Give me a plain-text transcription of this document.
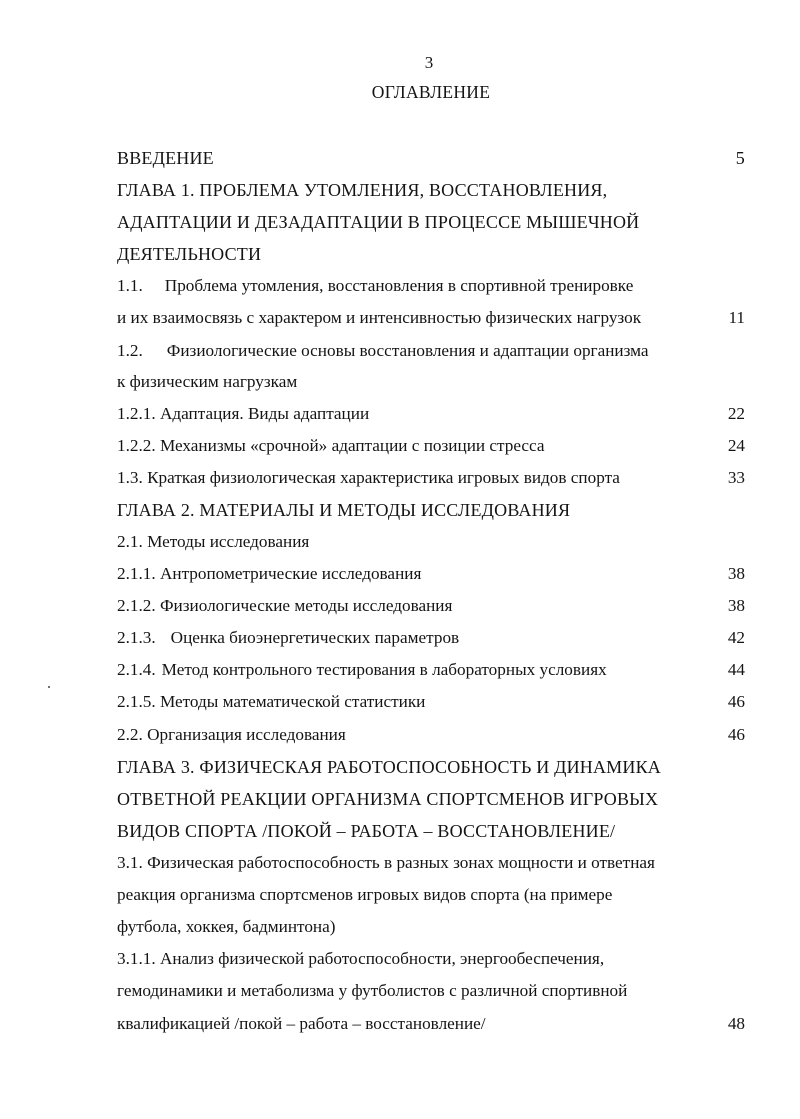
3
ОГЛАВЛЕНИЕ
ВВЕДЕНИЕ	5
ГЛАВА 1. ПРОБЛЕМА УТОМЛЕНИЯ, ВОССТАНОВЛЕНИЯ,
АДАПТАЦИИ И ДЕЗАДАПТАЦИИ В ПРОЦЕССЕ МЫШЕЧНОЙ
ДЕЯТЕЛЬНОСТИ
1.1. Проблема утомления, восстановления в спортивной тренировке
и их взаимосвязь с характером и интенсивностью физических нагрузок	11
1.2. Физиологические основы восстановления и адаптации организма
к физическим нагрузкам
1.2.1. Адаптация. Виды адаптации	22
1.2.2. Механизмы «срочной» адаптации с позиции стресса	24
1.3. Краткая физиологическая характеристика игровых видов спорта	33
ГЛАВА 2. МАТЕРИАЛЫ И МЕТОДЫ ИССЛЕДОВАНИЯ
2.1. Методы исследования
2.1.1. Антропометрические исследования	38
2.1.2. Физиологические методы исследования	38
2.1.3. Оценка биоэнергетических параметров	42
2.1.4. Метод контрольного тестирования в лабораторных условиях	44
2.1.5. Методы математической статистики	46
2.2. Организация исследования	46
ГЛАВА 3. ФИЗИЧЕСКАЯ РАБОТОСПОСОБНОСТЬ И ДИНАМИКА
ОТВЕТНОЙ РЕАКЦИИ ОРГАНИЗМА СПОРТСМЕНОВ ИГРОВЫХ
ВИДОВ СПОРТА /ПОКОЙ – РАБОТА – ВОССТАНОВЛЕНИЕ/
3.1. Физическая работоспособность в разных зонах мощности и ответная
реакция организма спортсменов игровых видов спорта (на примере
футбола, хоккея, бадминтона)
3.1.1. Анализ физической работоспособности, энергообеспечения,
гемодинамики и метаболизма у футболистов с различной спортивной
квалификацией /покой – работа – восстановление/	48
